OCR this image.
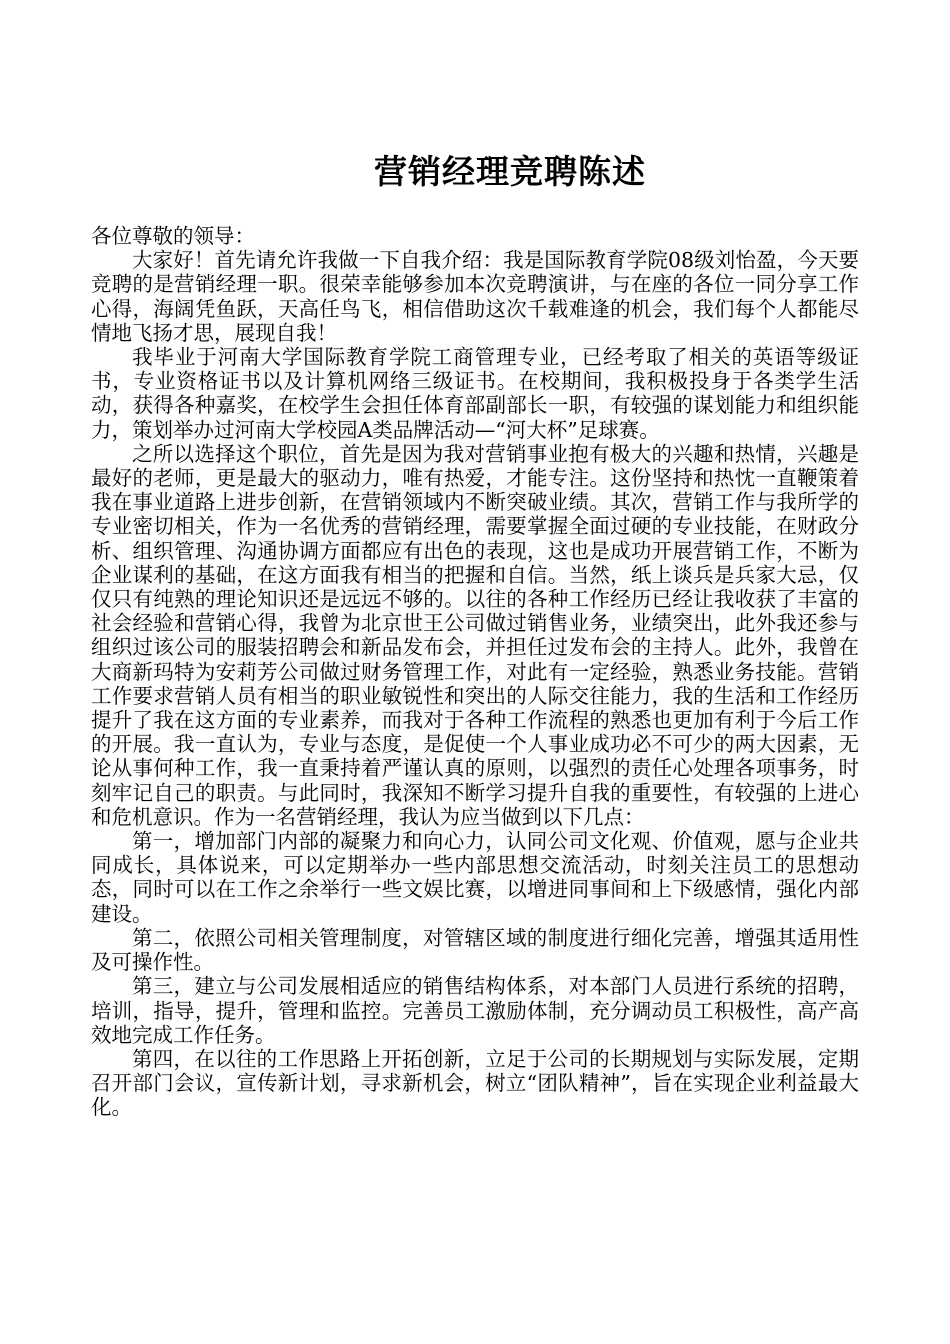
营销经理竞聘陈述

各位尊敬的领导：

大家好！首先请允许我做一下自我介绍：我是国际教育学院08级刘怡盈，今天要竞聘的是营销经理一职。很荣幸能够参加本次竞聘演讲，与在座的各位一同分享工作心得，海阔凭鱼跃，天高任鸟飞，相信借助这次千载难逢的机会，我们每个人都能尽情地飞扬才思，展现自我！

我毕业于河南大学国际教育学院工商管理专业，已经考取了相关的英语等级证书，专业资格证书以及计算机网络三级证书。在校期间，我积极投身于各类学生活动，获得各种嘉奖，在校学生会担任体育部副部长一职，有较强的谋划能力和组织能力，策划举办过河南大学校园A类品牌活动—“河大杯”足球赛。

之所以选择这个职位，首先是因为我对营销事业抱有极大的兴趣和热情，兴趣是最好的老师，更是最大的驱动力，唯有热爱，才能专注。这份坚持和热忱一直鞭策着我在事业道路上进步创新，在营销领域内不断突破业绩。其次，营销工作与我所学的专业密切相关，作为一名优秀的营销经理，需要掌握全面过硬的专业技能，在财政分析、组织管理、沟通协调方面都应有出色的表现，这也是成功开展营销工作，不断为企业谋利的基础，在这方面我有相当的把握和自信。当然，纸上谈兵是兵家大忌，仅仅只有纯熟的理论知识还是远远不够的。以往的各种工作经历已经让我收获了丰富的社会经验和营销心得，我曾为北京世王公司做过销售业务，业绩突出，此外我还参与组织过该公司的服装招聘会和新品发布会，并担任过发布会的主持人。此外，我曾在大商新玛特为安莉芳公司做过财务管理工作，对此有一定经验，熟悉业务技能。营销工作要求营销人员有相当的职业敏锐性和突出的人际交往能力，我的生活和工作经历提升了我在这方面的专业素养，而我对于各种工作流程的熟悉也更加有利于今后工作的开展。我一直认为，专业与态度，是促使一个人事业成功必不可少的两大因素，无论从事何种工作，我一直秉持着严谨认真的原则，以强烈的责任心处理各项事务，时刻牢记自己的职责。与此同时，我深知不断学习提升自我的重要性，有较强的上进心和危机意识。作为一名营销经理，我认为应当做到以下几点：

第一，增加部门内部的凝聚力和向心力，认同公司文化观、价值观，愿与企业共同成长，具体说来，可以定期举办一些内部思想交流活动，时刻关注员工的思想动态，同时可以在工作之余举行一些文娱比赛，以增进同事间和上下级感情，强化内部建设。

第二，依照公司相关管理制度，对管辖区域的制度进行细化完善，增强其适用性及可操作性。

第三，建立与公司发展相适应的销售结构体系，对本部门人员进行系统的招聘，培训，指导，提升，管理和监控。完善员工激励体制，充分调动员工积极性，高产高效地完成工作任务。

第四，在以往的工作思路上开拓创新，立足于公司的长期规划与实际发展，定期召开部门会议，宣传新计划，寻求新机会，树立“团队精神”，旨在实现企业利益最大化。
